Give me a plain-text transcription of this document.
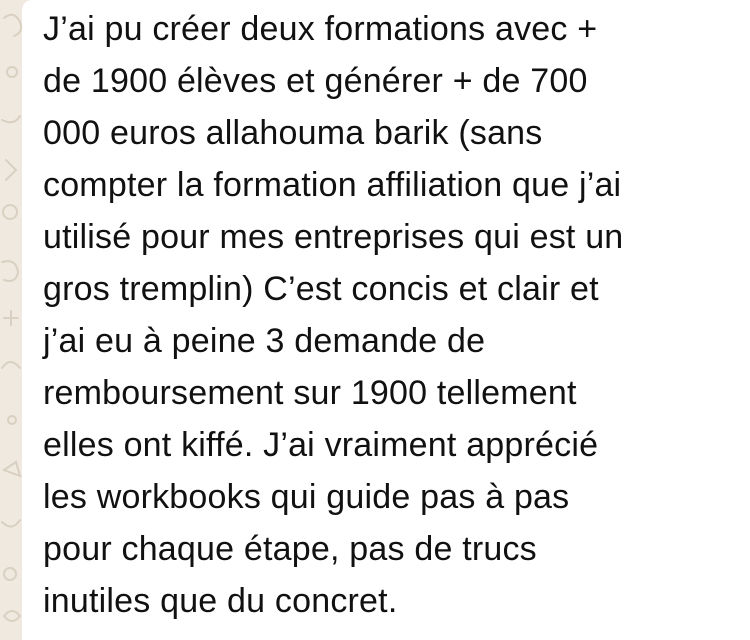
J’ai pu créer deux formations avec +
de 1900 élèves et générer + de 700
000 euros allahouma barik (sans
compter la formation affiliation que j’ai
utilisé pour mes entreprises qui est un
gros tremplin) C’est concis et clair et
j’ai eu à peine 3 demande de
remboursement sur 1900 tellement
elles ont kiffé. J’ai vraiment apprécié
les workbooks qui guide pas à pas
pour chaque étape, pas de trucs
inutiles que du concret.
